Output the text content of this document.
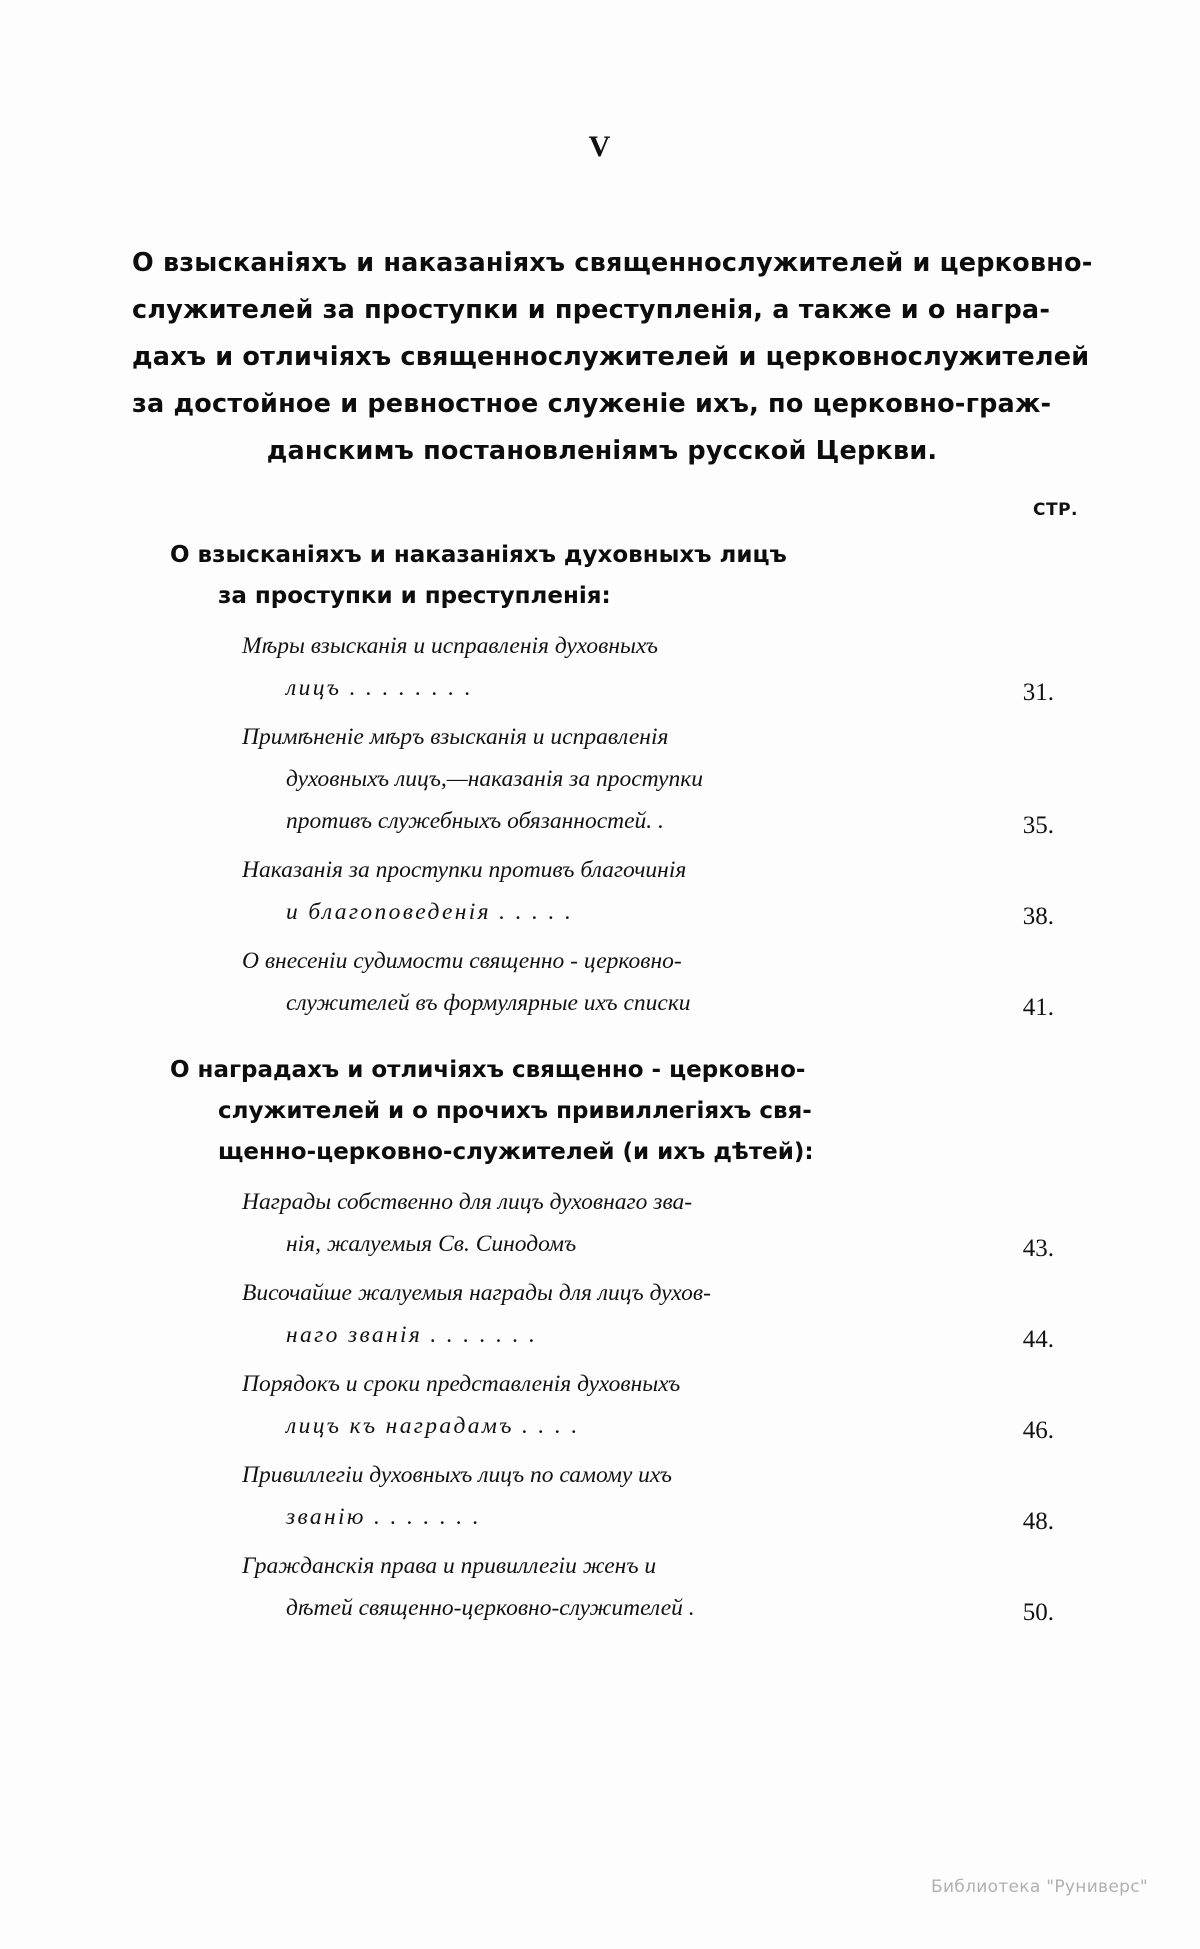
V
О взысканіяхъ и наказаніяхъ священнослужителей и церковно-
служителей за проступки и преступленія, а также и о награ-
дахъ и отличіяхъ священнослужителей и церковнослужителей
за достойное и ревностное служеніе ихъ, по церковно-граж-
данскимъ постановленіямъ русской Церкви.
СТР.
О взысканіяхъ и наказаніяхъ духовныхъ лицъ
за проступки и преступленія:
Мѣры взысканія и исправленія духовныхъ
лицъ . . . . . . . .	31.
Примѣненіе мѣръ взысканія и исправленія
духовныхъ лицъ,—наказанія за проступки
противъ служебныхъ обязанностей. .	35.
Наказанія за проступки противъ благочинія
и благоповеденія . . . . .	38.
О внесеніи судимости священно - церковно-
служителей въ формулярные ихъ списки	41.
О наградахъ и отличіяхъ священно - церковно-
служителей и о прочихъ привиллегіяхъ свя-
щенно-церковно-служителей (и ихъ дѣтей):
Награды собственно для лицъ духовнаго зва-
нія, жалуемыя Св. Синодомъ	43.
Височайше жалуемыя награды для лицъ духов-
наго званія . . . . . . .	44.
Порядокъ и сроки представленія духовныхъ
лицъ къ наградамъ . . . .	46.
Привиллегіи духовныхъ лицъ по самому ихъ
званію . . . . . . .	48.
Гражданскія права и привиллегіи женъ и
дѣтей священно-церковно-служителей .	50.
Библиотека "Руниверс"
